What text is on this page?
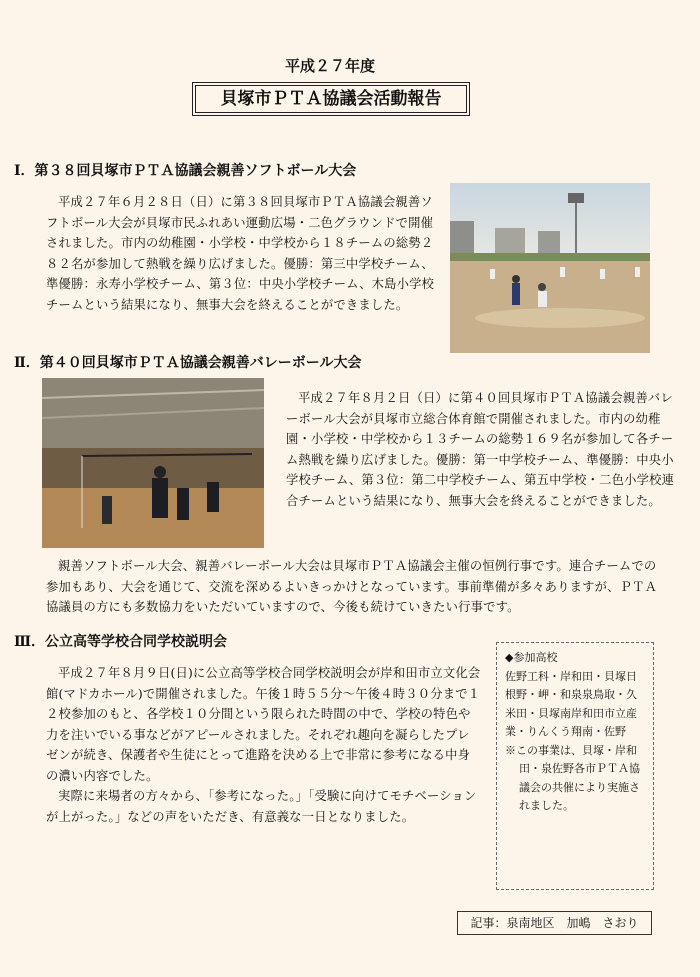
平成２７年度
貝塚市ＰＴＡ協議会活動報告
Ⅰ．第３８回貝塚市ＰＴＡ協議会親善ソフトボール大会
平成２７年６月２８日（日）に第３８回貝塚市ＰＴＡ協議会親善ソフトボール大会が貝塚市民ふれあい運動広場・二色グラウンドで開催されました。市内の幼稚園・小学校・中学校から１８チームの総勢２８２名が参加して熱戦を繰り広げました。優勝：第三中学校チーム、準優勝：永寿小学校チーム、第３位：中央小学校チーム、木島小学校チームという結果になり、無事大会を終えることができました。
Ⅱ．第４０回貝塚市ＰＴＡ協議会親善バレーボール大会
平成２７年８月２日（日）に第４０回貝塚市ＰＴＡ協議会親善バレーボール大会が貝塚市立総合体育館で開催されました。市内の幼稚園・小学校・中学校から１３チームの総勢１６９名が参加して各チーム熱戦を繰り広げました。優勝：第一中学校チーム、準優勝：中央小学校チーム、第３位：第二中学校チーム、第五中学校・二色小学校連合チームという結果になり、無事大会を終えることができました。
親善ソフトボール大会、親善バレーボール大会は貝塚市ＰＴＡ協議会主催の恒例行事です。連合チームでの参加もあり、大会を通じて、交流を深めるよいきっかけとなっています。事前準備が多々ありますが、ＰＴＡ協議員の方にも多数協力をいただいていますので、今後も続けていきたい行事です。
Ⅲ．公立高等学校合同学校説明会

平成２７年８月９日(日)に公立高等学校合同学校説明会が岸和田市立文化会館(マドカホール)で開催されました。午後１時５５分～午後４時３０分まで１２校参加のもと、各学校１０分間という限られた時間の中で、学校の特色や力を注いでいる事などがアピールされました。それぞれ趣向を凝らしたプレゼンが続き、保護者や生徒にとって進路を決める上で非常に参考になる中身の濃い内容でした。

実際に来場者の方々から、「参考になった。」「受験に向けてモチベーションが上がった。」などの声をいただき、有意義な一日となりました。

◆参加高校
佐野工科・岸和田・貝塚日根野・岬・和泉泉鳥取・久米田・貝塚南岸和田市立産業・りんくう翔南・佐野
※この事業は、貝塚・岸和田・泉佐野各市ＰＴＡ協議会の共催により実施されました。
記事：泉南地区　加嶋　さおり
